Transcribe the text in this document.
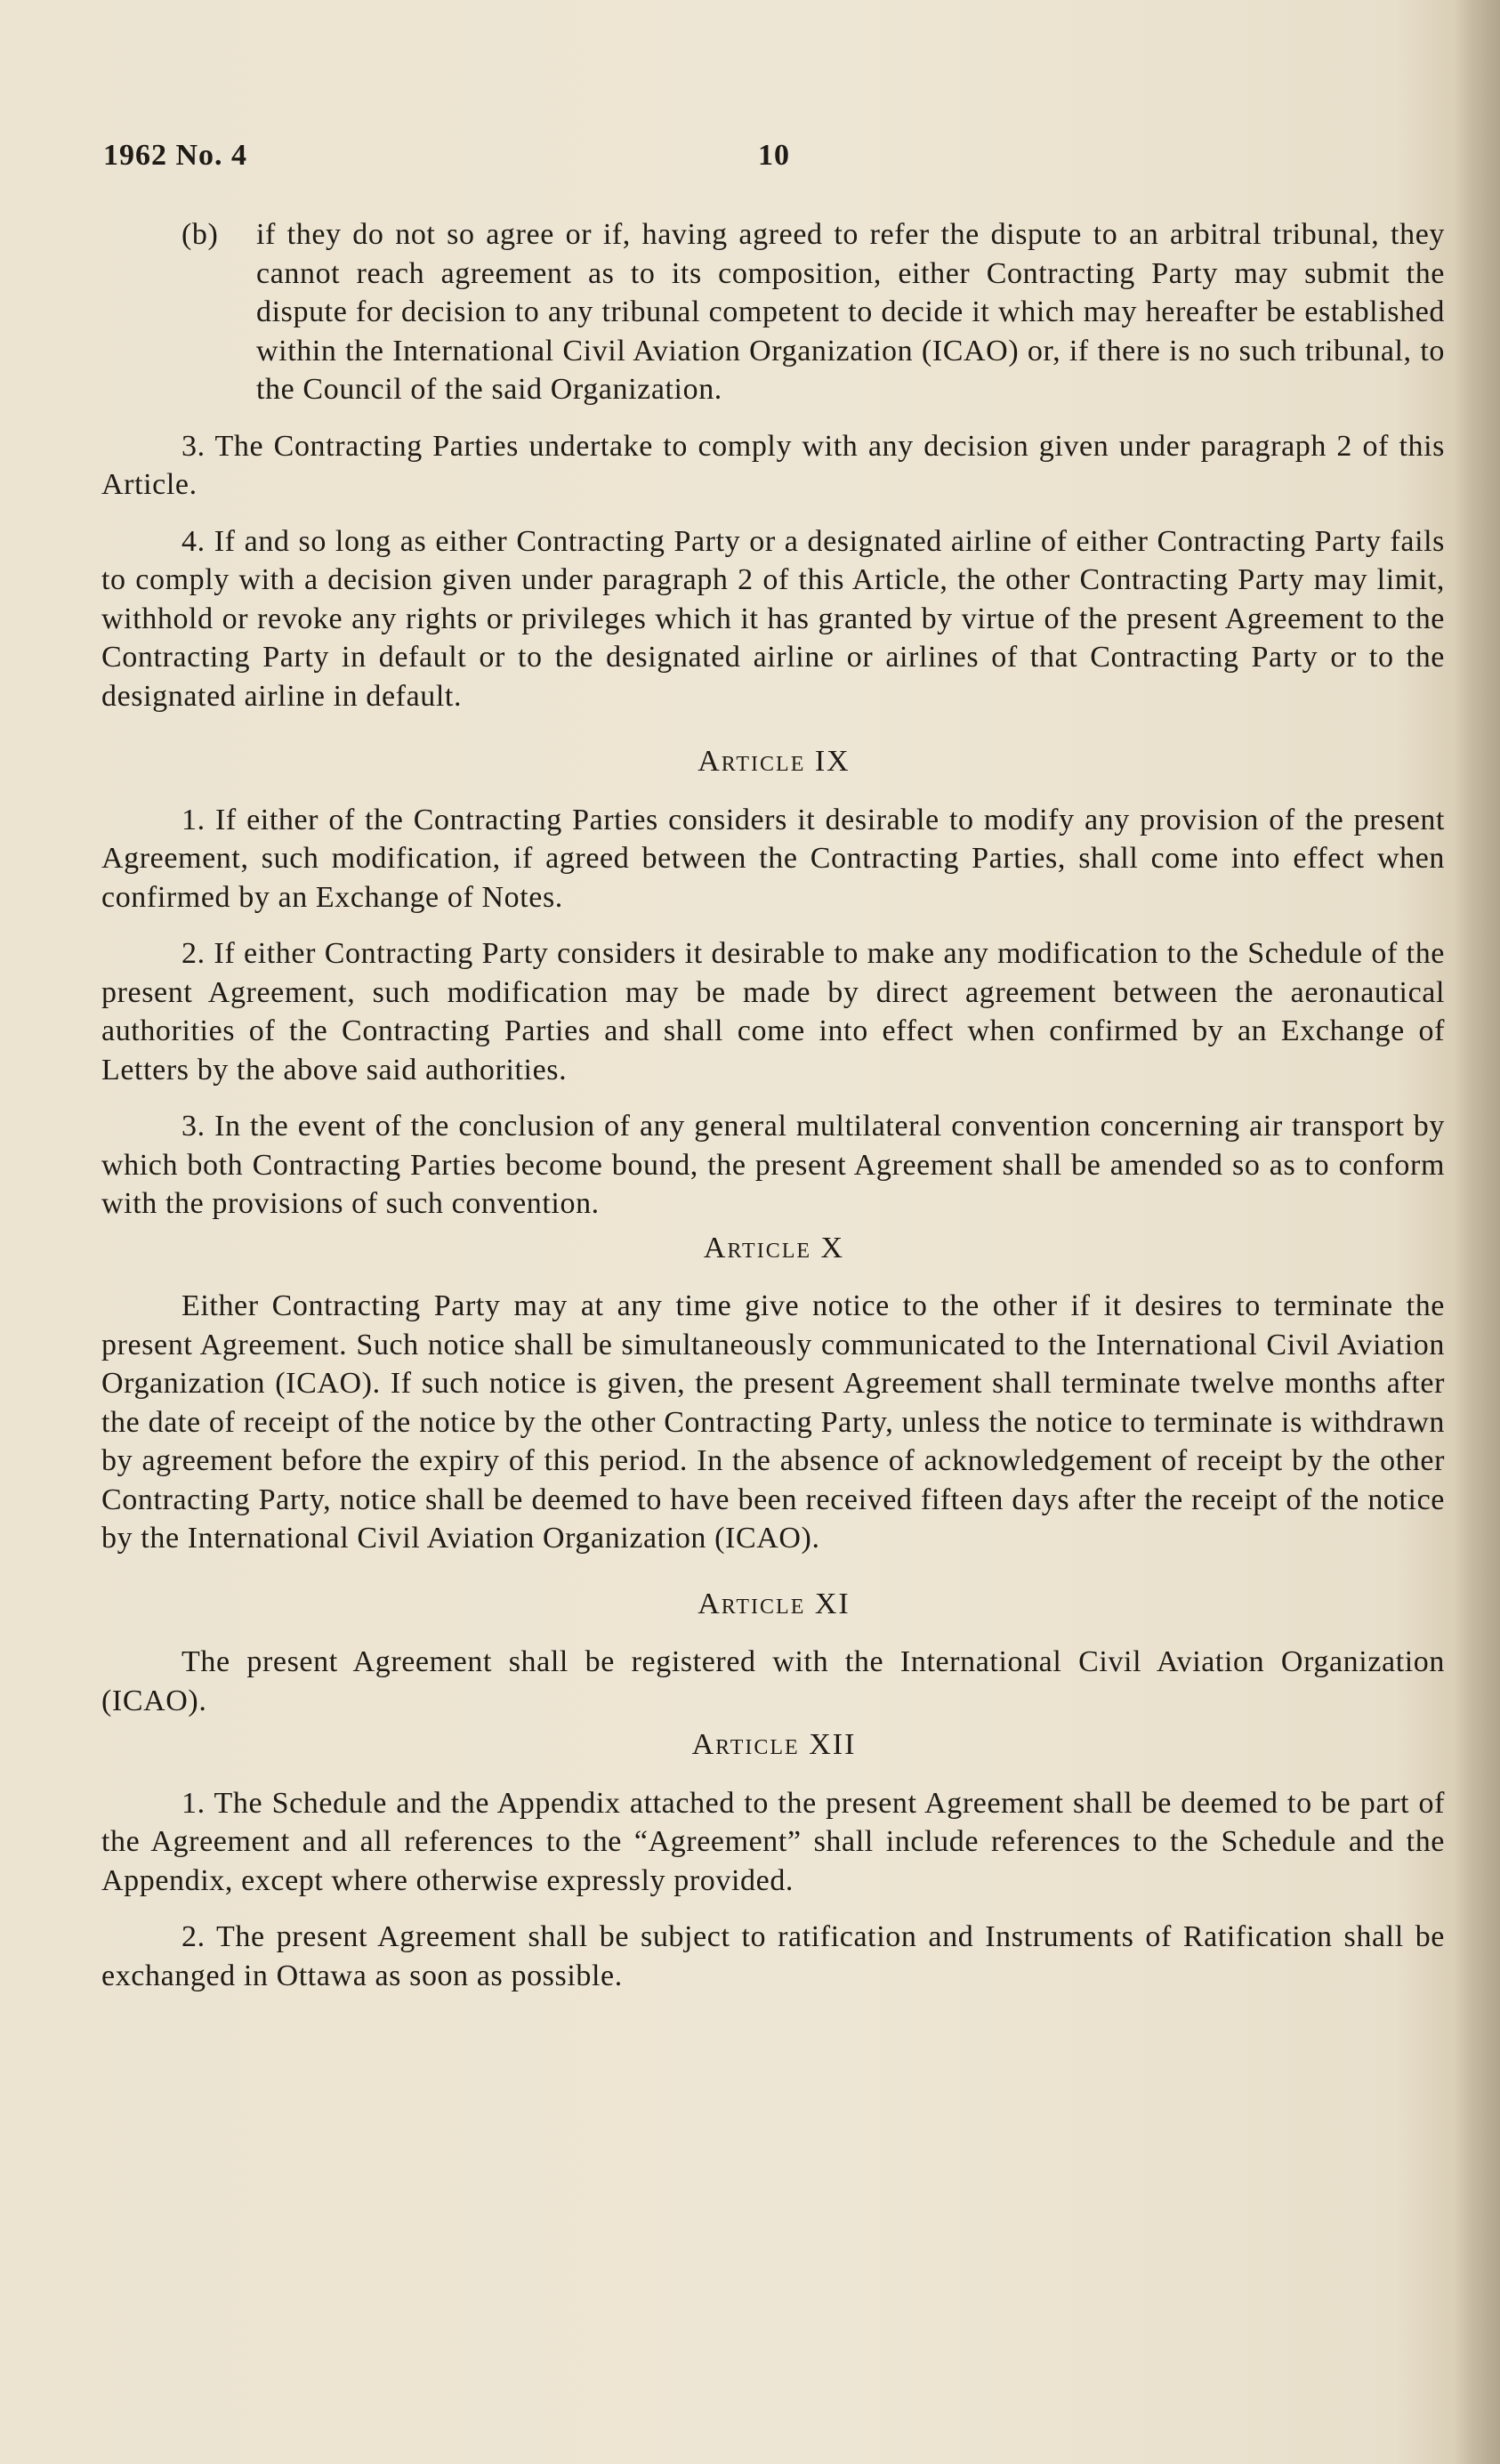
1962 No. 4	10
(b) if they do not so agree or if, having agreed to refer the dispute to an arbitral tribunal, they cannot reach agreement as to its composition, either Contracting Party may submit the dispute for decision to any tribunal competent to decide it which may hereafter be established within the International Civil Aviation Organization (ICAO) or, if there is no such tribunal, to the Council of the said Organization.

3. The Contracting Parties undertake to comply with any decision given under paragraph 2 of this Article.

4. If and so long as either Contracting Party or a designated airline of either Contracting Party fails to comply with a decision given under paragraph 2 of this Article, the other Contracting Party may limit, withhold or revoke any rights or privileges which it has granted by virtue of the present Agreement to the Contracting Party in default or to the designated airline or airlines of that Contracting Party or to the designated airline in default.

Article IX

1. If either of the Contracting Parties considers it desirable to modify any provision of the present Agreement, such modification, if agreed between the Contracting Parties, shall come into effect when confirmed by an Exchange of Notes.

2. If either Contracting Party considers it desirable to make any modification to the Schedule of the present Agreement, such modification may be made by direct agreement between the aeronautical authorities of the Contracting Parties and shall come into effect when confirmed by an Exchange of Letters by the above said authorities.

3. In the event of the conclusion of any general multilateral convention concerning air transport by which both Contracting Parties become bound, the present Agreement shall be amended so as to conform with the provisions of such convention.

Article X

Either Contracting Party may at any time give notice to the other if it desires to terminate the present Agreement. Such notice shall be simultaneously communicated to the International Civil Aviation Organization (ICAO). If such notice is given, the present Agreement shall terminate twelve months after the date of receipt of the notice by the other Contracting Party, unless the notice to terminate is withdrawn by agreement before the expiry of this period. In the absence of acknowledgement of receipt by the other Contracting Party, notice shall be deemed to have been received fifteen days after the receipt of the notice by the International Civil Aviation Organization (ICAO).

Article XI

The present Agreement shall be registered with the International Civil Aviation Organization (ICAO).

Article XII

1. The Schedule and the Appendix attached to the present Agreement shall be deemed to be part of the Agreement and all references to the “Agreement” shall include references to the Schedule and the Appendix, except where otherwise expressly provided.

2. The present Agreement shall be subject to ratification and Instruments of Ratification shall be exchanged in Ottawa as soon as possible.
